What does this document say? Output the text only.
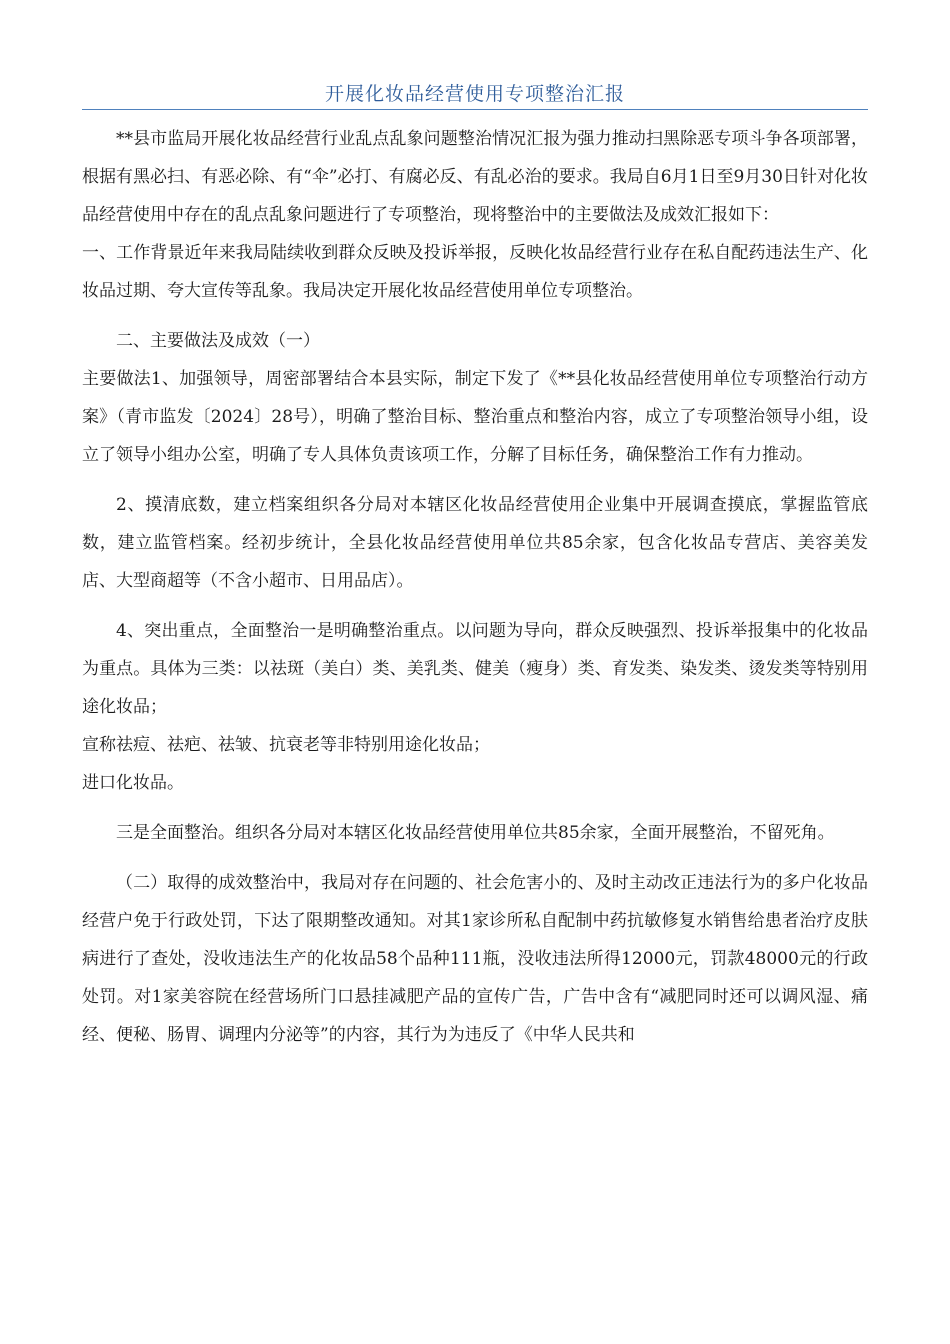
开展化妆品经营使用专项整治汇报

**县市监局开展化妆品经营行业乱点乱象问题整治情况汇报为强力推动扫黑除恶专项斗争各项部署，根据有黑必扫、有恶必除、有“伞”必打、有腐必反、有乱必治的要求。我局自6月1日至9月30日针对化妆品经营使用中存在的乱点乱象问题进行了专项整治，现将整治中的主要做法及成效汇报如下：

一、工作背景近年来我局陆续收到群众反映及投诉举报，反映化妆品经营行业存在私自配药违法生产、化妆品过期、夸大宣传等乱象。我局决定开展化妆品经营使用单位专项整治。

二、主要做法及成效（一）

主要做法1、加强领导，周密部署结合本县实际，制定下发了《**县化妆品经营使用单位专项整治行动方案》（青市监发〔2024〕28号），明确了整治目标、整治重点和整治内容，成立了专项整治领导小组，设立了领导小组办公室，明确了专人具体负责该项工作，分解了目标任务，确保整治工作有力推动。

2、摸清底数，建立档案组织各分局对本辖区化妆品经营使用企业集中开展调查摸底，掌握监管底数，建立监管档案。经初步统计，全县化妆品经营使用单位共85余家，包含化妆品专营店、美容美发店、大型商超等（不含小超市、日用品店）。

4、突出重点，全面整治一是明确整治重点。以问题为导向，群众反映强烈、投诉举报集中的化妆品为重点。具体为三类：以祛斑（美白）类、美乳类、健美（瘦身）类、育发类、染发类、烫发类等特别用途化妆品；

宣称祛痘、祛疤、祛皱、抗衰老等非特别用途化妆品；

进口化妆品。

三是全面整治。组织各分局对本辖区化妆品经营使用单位共85余家，全面开展整治，不留死角。

（二）取得的成效整治中，我局对存在问题的、社会危害小的、及时主动改正违法行为的多户化妆品经营户免于行政处罚，下达了限期整改通知。对其1家诊所私自配制中药抗敏修复水销售给患者治疗皮肤病进行了查处，没收违法生产的化妆品58个品种111瓶，没收违法所得12000元，罚款48000元的行政处罚。对1家美容院在经营场所门口悬挂减肥产品的宣传广告，广告中含有“减肥同时还可以调风湿、痛经、便秘、肠胃、调理内分泌等”的内容，其行为为违反了《中华人民共和
